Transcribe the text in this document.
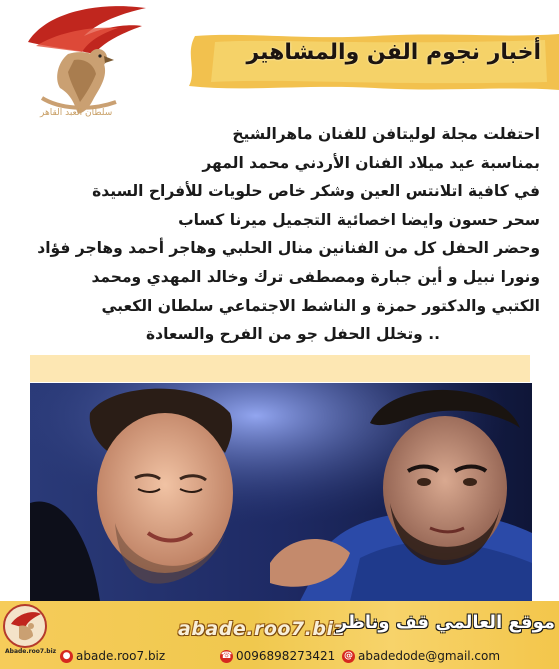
سلطان العبد القاهر
أخبار نجوم الفن والمشاهير

احتفلت مجلة لوليتافن للفنان ماهرالشيخ

بمناسبة عيد ميلاد الفنان الأردني محمد المهر

في كافية اتلانتس العين وشكر خاص حلويات للأفراح السيدة

سحر حسون وايضا اخصائية التجميل ميرنا كساب

وحضر الحفل كل من الفنانين منال الحلبي وهاجر أحمد وهاجر فؤاد

ونورا نبيل و أين جبارة ومصطفى ترك وخالد المهدي ومحمد

الكتبي والدكتور حمزة و الناشط الاجتماعي سلطان الكعبي

.. وتخلل الحفل جو من الفرح والسعادة

Abade.roo7.biz
abade.roo7.biz
موقع العالمي قف وناظر
● abade.roo7.biz	☎ 00968982734​21 @ abadedode@gmail.com
